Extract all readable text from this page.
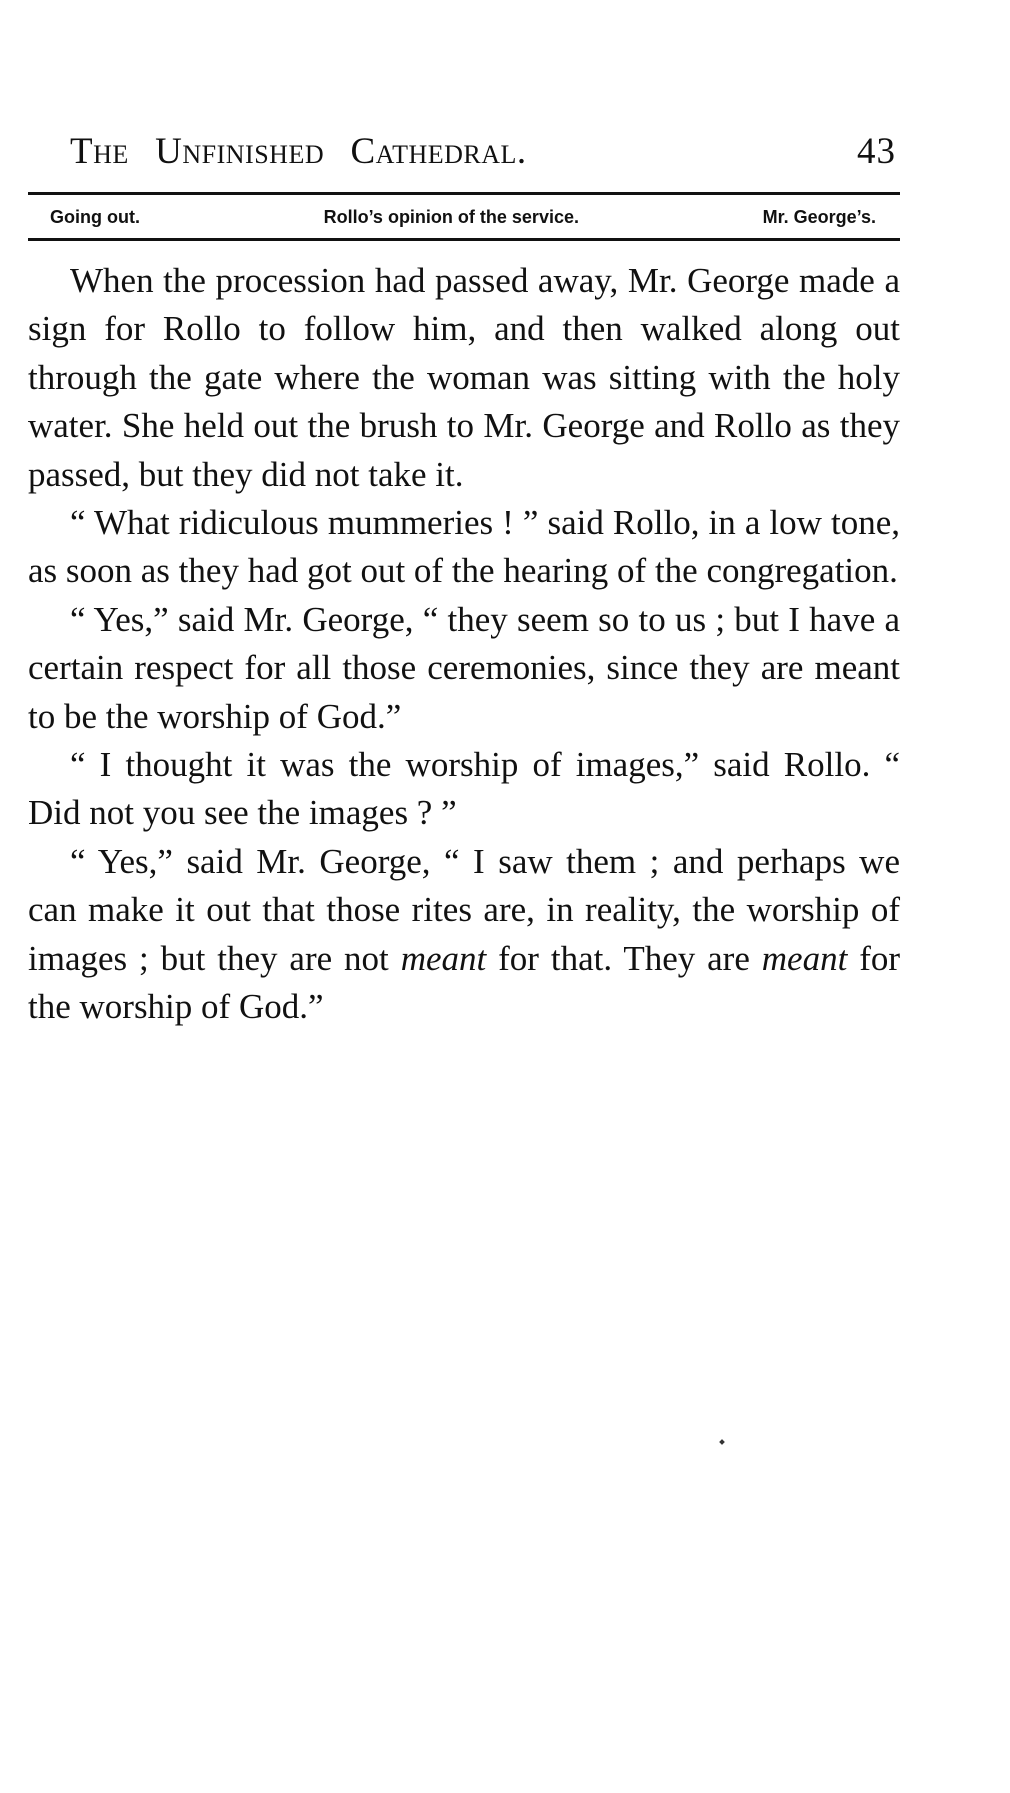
The Unfinished Cathedral.	43
Going out.	Rollo’s opinion of the service.	Mr. George’s.

When the procession had passed away, Mr. George made a sign for Rollo to follow him, and then walked along out through the gate where the woman was sitting with the holy water. She held out the brush to Mr. George and Rollo as they passed, but they did not take it.

“ What ridiculous mummeries ! ” said Rollo, in a low tone, as soon as they had got out of the hearing of the congregation.

“ Yes,” said Mr. George, “ they seem so to us ; but I have a certain respect for all those ceremonies, since they are meant to be the worship of God.”

“ I thought it was the worship of images,” said Rollo. “ Did not you see the images ? ”

“ Yes,” said Mr. George, “ I saw them ; and perhaps we can make it out that those rites are, in reality, the worship of images ; but they are not meant for that. They are meant for the worship of God.”
